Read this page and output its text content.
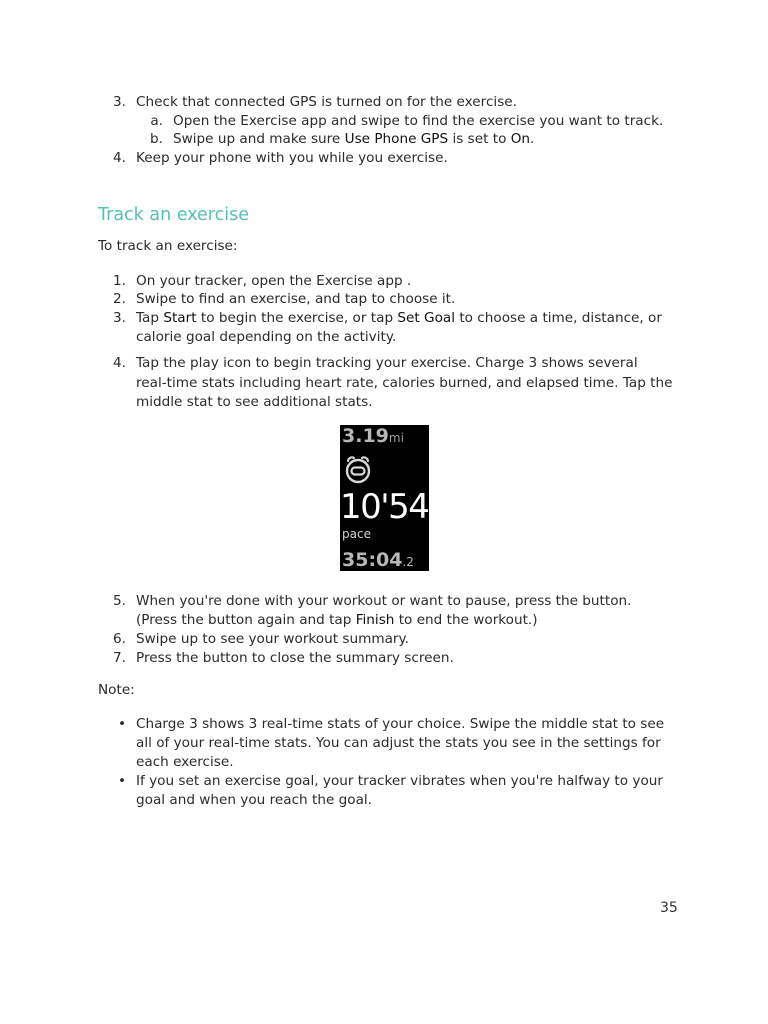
3. Check that connected GPS is turned on for the exercise.
a. Open the Exercise app and swipe to find the exercise you want to track.
b. Swipe up and make sure Use Phone GPS is set to On.
4. Keep your phone with you while you exercise.
Track an exercise
To track an exercise:
1. On your tracker, open the Exercise app .
2. Swipe to find an exercise, and tap to choose it.
3. Tap Start to begin the exercise, or tap Set Goal to choose a time, distance, or
calorie goal depending on the activity.
4. Tap the play icon to begin tracking your exercise. Charge 3 shows several
real-time stats including heart rate, calories burned, and elapsed time. Tap the
middle stat to see additional stats.
3.19mi
10'54"
pace
35:04.2
5. When you're done with your workout or want to pause, press the button.
(Press the button again and tap Finish to end the workout.)
6. Swipe up to see your workout summary.
7. Press the button to close the summary screen.
Note:
• Charge 3 shows 3 real-time stats of your choice. Swipe the middle stat to see
all of your real-time stats. You can adjust the stats you see in the settings for
each exercise.
• If you set an exercise goal, your tracker vibrates when you're halfway to your
goal and when you reach the goal.
35
